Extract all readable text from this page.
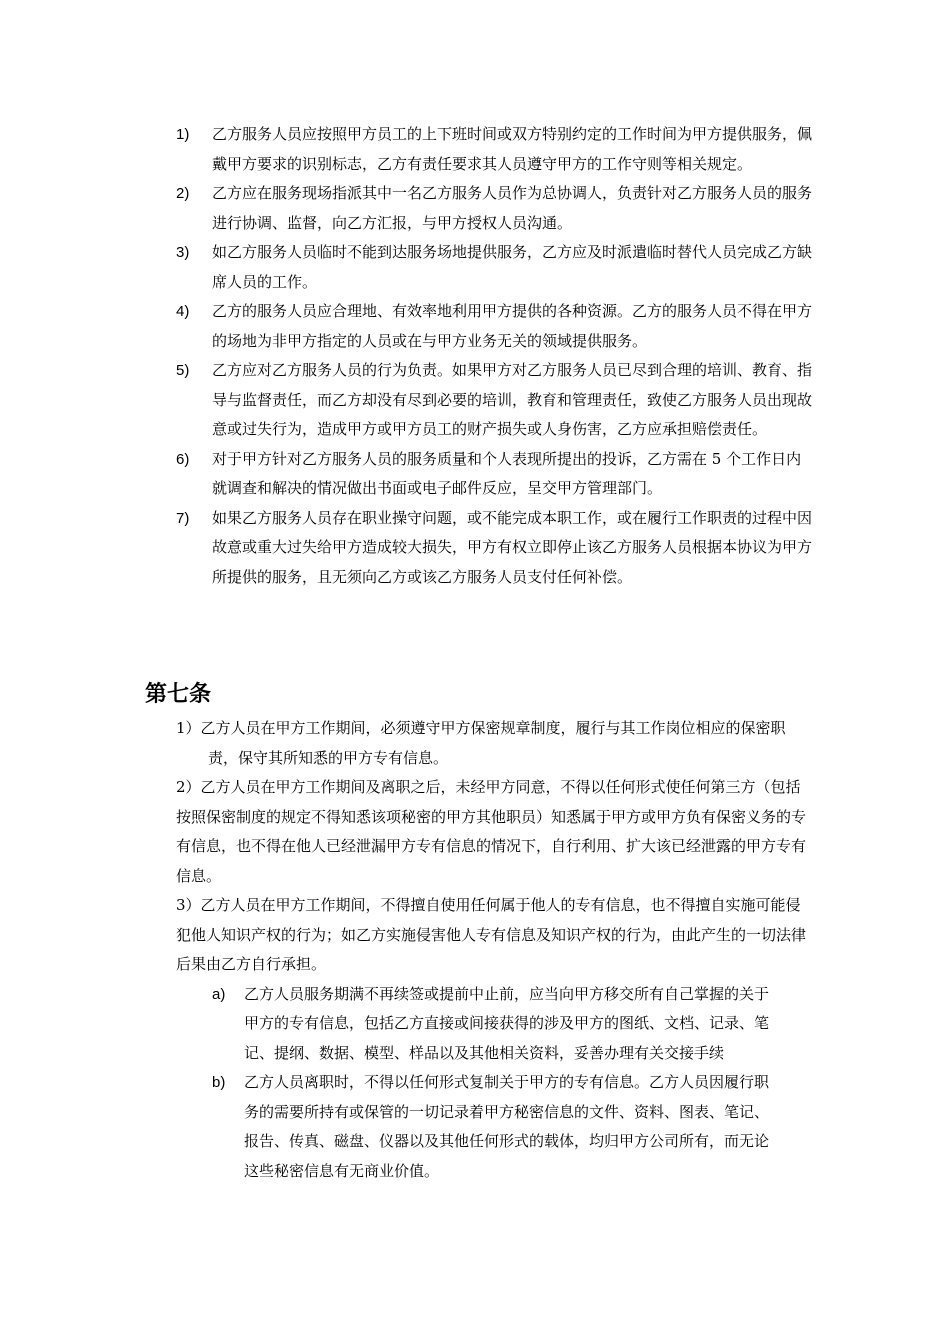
1)	乙方服务人员应按照甲方员工的上下班时间或双方特别约定的工作时间为甲方提供服务，佩戴甲方要求的识别标志，乙方有责任要求其人员遵守甲方的工作守则等相关规定。
2)	乙方应在服务现场指派其中一名乙方服务人员作为总协调人，负责针对乙方服务人员的服务进行协调、监督，向乙方汇报，与甲方授权人员沟通。
3)	如乙方服务人员临时不能到达服务场地提供服务，乙方应及时派遣临时替代人员完成乙方缺席人员的工作。
4)	乙方的服务人员应合理地、有效率地利用甲方提供的各种资源。乙方的服务人员不得在甲方的场地为非甲方指定的人员或在与甲方业务无关的领域提供服务。
5)	乙方应对乙方服务人员的行为负责。如果甲方对乙方服务人员已尽到合理的培训、教育、指导与监督责任，而乙方却没有尽到必要的培训，教育和管理责任，致使乙方服务人员出现故意或过失行为，造成甲方或甲方员工的财产损失或人身伤害，乙方应承担赔偿责任。
6)	对于甲方针对乙方服务人员的服务质量和个人表现所提出的投诉，乙方需在 5 个工作日内就调查和解决的情况做出书面或电子邮件反应，呈交甲方管理部门。
7)	如果乙方服务人员存在职业操守问题，或不能完成本职工作，或在履行工作职责的过程中因故意或重大过失给甲方造成较大损失，甲方有权立即停止该乙方服务人员根据本协议为甲方所提供的服务，且无须向乙方或该乙方服务人员支付任何补偿。
第七条
1）乙方人员在甲方工作期间，必须遵守甲方保密规章制度，履行与其工作岗位相应的保密职责，保守其所知悉的甲方专有信息。
2）乙方人员在甲方工作期间及离职之后，未经甲方同意，不得以任何形式使任何第三方（包括按照保密制度的规定不得知悉该项秘密的甲方其他职员）知悉属于甲方或甲方负有保密义务的专有信息，也不得在他人已经泄漏甲方专有信息的情况下，自行利用、扩大该已经泄露的甲方专有信息。
3）乙方人员在甲方工作期间，不得擅自使用任何属于他人的专有信息，也不得擅自实施可能侵犯他人知识产权的行为；如乙方实施侵害他人专有信息及知识产权的行为，由此产生的一切法律后果由乙方自行承担。
a) 乙方人员服务期满不再续签或提前中止前，应当向甲方移交所有自己掌握的关于甲方的专有信息，包括乙方直接或间接获得的涉及甲方的图纸、文档、记录、笔记、提纲、数据、模型、样品以及其他相关资料，妥善办理有关交接手续
b) 乙方人员离职时，不得以任何形式复制关于甲方的专有信息。乙方人员因履行职务的需要所持有或保管的一切记录着甲方秘密信息的文件、资料、图表、笔记、报告、传真、磁盘、仪器以及其他任何形式的载体，均归甲方公司所有，而无论这些秘密信息有无商业价值。
